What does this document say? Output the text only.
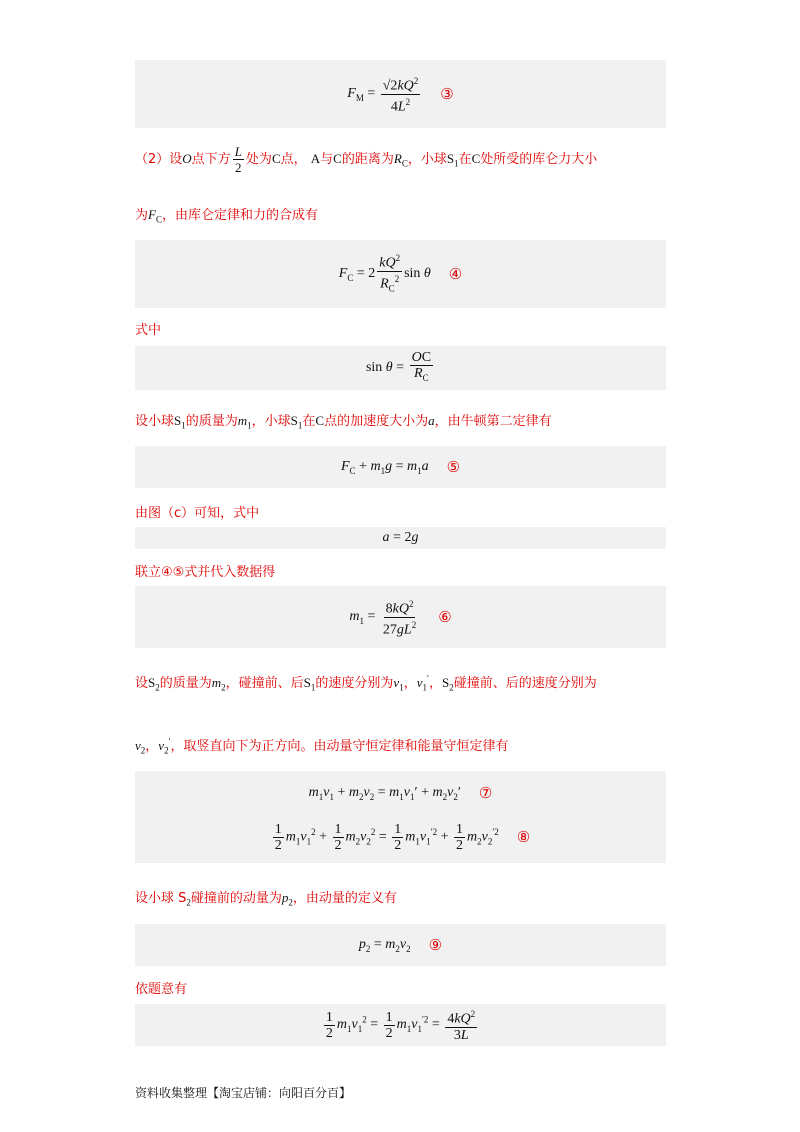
$F_M = \frac{√2kQ^2}{4L^2}$ ③
（2）设O点下方 $\frac{L}{2}$ 处为C点， A与C的距离为$R_C$，小球$S_1$在C处所受的库仑力大小
为$F_C$，由库仑定律和力的合成有
$F_C = 2 \frac{kQ^2}{R_C^2}$ sin θ ④
式中
$\sin \theta = \frac{OC}{R_C}$
设小球$S_1$的质量为$m_1$，小球$S_1$在C点的加速度大小为a，由牛顿第二定律有
$F_C + m_1g = m_1a$ ⑤
由图（c）可知，式中
a = 2g
联立④⑤式并代入数据得
$m_1 = \frac{8kQ^2}{27gL^2}$ ⑥
设$S_2$的质量为$m_2$，碰撞前、后$S_1$的速度分别为$v_1$，$v_1'$，$S_2$碰撞前、后的速度分别为
$v_2$，$v_2'$，取竖直向下为正方向。由动量守恒定律和能量守恒定律有
$m_1v_1 + m_2v_2 = m_1v_1' + m_2v_2'$ ⑦
$\frac{1}{2} m_1v_1^2 + \frac{1}{2} m_2v_2^2 = \frac{1}{2} m_1v_1^{'2} + \frac{1}{2} m_2v_2^{'2}$ ⑧
设小球 $S_2$碰撞前的动量为$p_2$，由动量的定义有
$p_2 = m_2v_2$ ⑨
依题意有
$\frac{1}{2} m_1v_1^2 = \frac{1}{2} m_1v_1^{'2} = \frac{4kQ^2}{3L}$
资料收集整理【淘宝店铺：向阳百分百】
